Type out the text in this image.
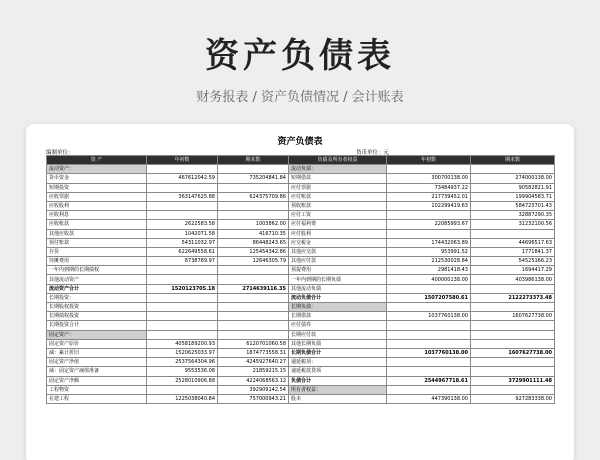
资产负债表
财务报表 / 资产负债情况 / 会计账表
资产负债表
编制单位：	货币单位：元
资 产	年初数	期末数	负债及所有者权益	年初数	期末数
流动资产：			流动负债：		
货币资金	467612042.59	735204841.84	短期借款	300700138.00	274000138.00
短期投资			应付票据	73484937.22	90582821.91
应收票据	363147625.88	624375709.86	应付账款	217739452.01	199904583.71
应收股利			预收账款	102299419.63	584723701.43
应收利息			应付工资		32887290.35
应收账款	2622583.58	1003862.00	应付福利费	22085993.67	31232100.56
其他应收款	1042071.58	416710.35	应付股利		
预付账款	54311032.97	86448243.65	应交税金	174432063.89	44696517.63
存货	622649558.61	125454342.86	其他应交款	953991.52	1771841.37
待摊费用	8738789.97	12646305.79	其他应付款	212530028.84	54525166.23
一年内到期的长期债权			预提费用	2981418.43	1694417.29
其他流动资产			一年内到期的长期负债	400000138.00	403986138.00
流动资产合计	1520123705.18	2714639116.35	其他流动负债		
长期投资：			流动负债合计	1507207580.61	2122273373.48
长期股权投资			长期负债：		
长期债权投资			长期借款	1037760138.00	1607627738.00
长期投资合计			应付债券		
固定资产：			长期应付款		
固定资产原价	4058189200.93	6120701060.58	其他长期负债		
减：累计折旧	1520625033.97	1874773558.31	长期负债合计	1037760138.00	1607627738.00
固定资产净值	2537564304.96	4245927640.27	递延税项：		
减：固定资产减值准备	9553536.08	21859215.15	递延税款贷项		
固定资产净额	2528010906.88	4224068563.12	负债合计	2544967718.61	3729901111.48
工程物资		392909142.54	所有者权益：		
在建工程	1225038040.84	757000943.21	股本	447390138.00	927283338.00
